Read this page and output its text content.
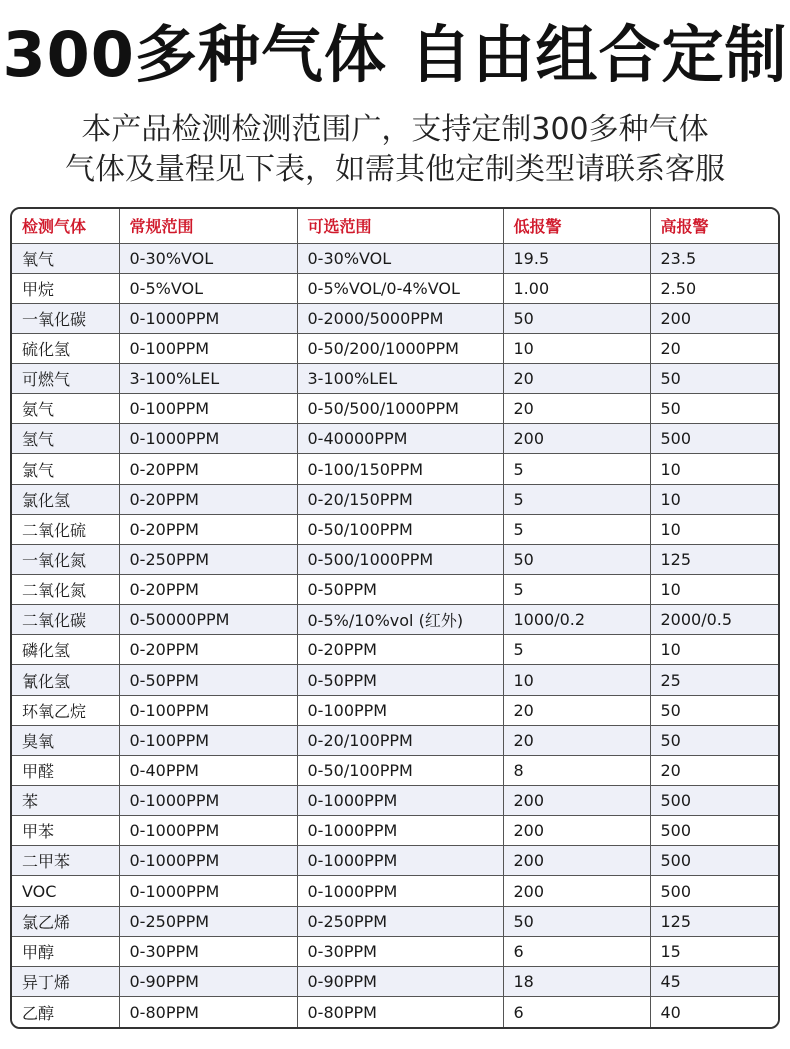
300多种气体 自由组合定制
本产品检测检测范围广，支持定制300多种气体
气体及量程见下表，如需其他定制类型请联系客服
检测气体	常规范围	可选范围	低报警	高报警
氧气	0-30%VOL	0-30%VOL	19.5	23.5
甲烷	0-5%VOL	0-5%VOL/0-4%VOL	1.00	2.50
一氧化碳	0-1000PPM	0-2000/5000PPM	50	200
硫化氢	0-100PPM	0-50/200/1000PPM	10	20
可燃气	3-100%LEL	3-100%LEL	20	50
氨气	0-100PPM	0-50/500/1000PPM	20	50
氢气	0-1000PPM	0-40000PPM	200	500
氯气	0-20PPM	0-100/150PPM	5	10
氯化氢	0-20PPM	0-20/150PPM	5	10
二氧化硫	0-20PPM	0-50/100PPM	5	10
一氧化氮	0-250PPM	0-500/1000PPM	50	125
二氧化氮	0-20PPM	0-50PPM	5	10
二氧化碳	0-50000PPM	0-5%/10%vol (红外)	1000/0.2	2000/0.5
磷化氢	0-20PPM	0-20PPM	5	10
氰化氢	0-50PPM	0-50PPM	10	25
环氧乙烷	0-100PPM	0-100PPM	20	50
臭氧	0-100PPM	0-20/100PPM	20	50
甲醛	0-40PPM	0-50/100PPM	8	20
苯	0-1000PPM	0-1000PPM	200	500
甲苯	0-1000PPM	0-1000PPM	200	500
二甲苯	0-1000PPM	0-1000PPM	200	500
VOC	0-1000PPM	0-1000PPM	200	500
氯乙烯	0-250PPM	0-250PPM	50	125
甲醇	0-30PPM	0-30PPM	6	15
异丁烯	0-90PPM	0-90PPM	18	45
乙醇	0-80PPM	0-80PPM	6	40
